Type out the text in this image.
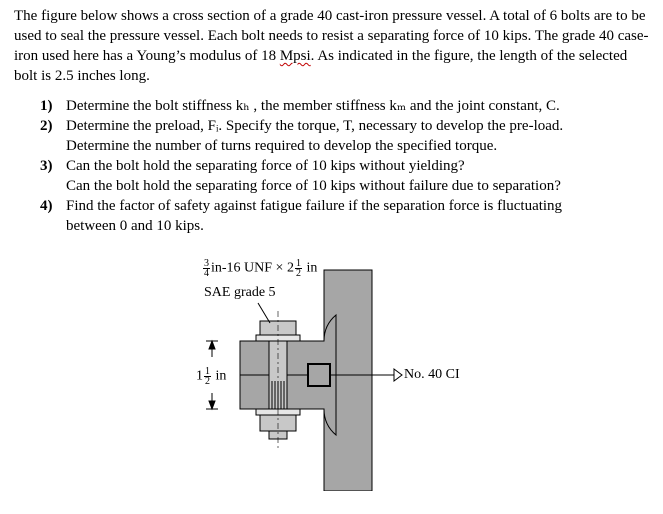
The figure below shows a cross section of a grade 40 cast-iron pressure vessel. A total of 6 bolts are to be used to seal the pressure vessel. Each bolt needs to resist a separating force of 10 kips. The grade 40 case-iron used here has a Young’s modulus of 18 Mpsi. As indicated in the figure, the length of the selected bolt is 2.5 inches long.

1) Determine the bolt stiffness kₕ , the member stiffness kₘ and the joint constant, C.
2) Determine the preload, Fᵢ. Specify the torque, T, necessary to develop the pre-load.
Determine the number of turns required to develop the specified torque.
3) Can the bolt hold the separating force of 10 kips without yielding?
Can the bolt hold the separating force of 10 kips without failure due to separation?
4) Find the factor of safety against fatigue failure if the separation force is fluctuating
between 0 and 10 kips.
$\frac{3}{4} in-16$ UNF × $2 \frac{1}{2}$ in
SAE grade 5
$1 \frac{1}{2}$ in	No. 40 CI
